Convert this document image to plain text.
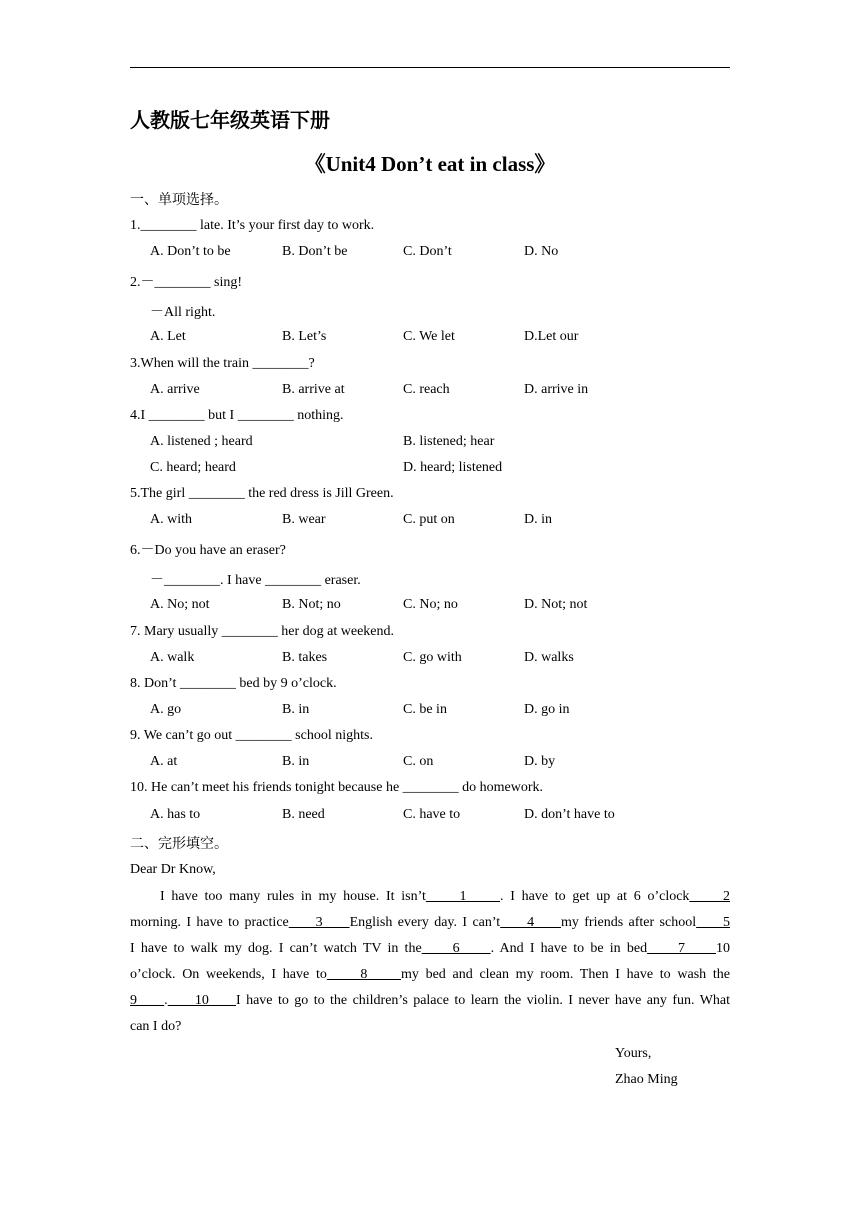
人教版七年级英语下册
《Unit4 Don’t eat in class》
一、单项选择。
1.________ late. It’s your first day to work.
A. Don’t to be	B. Don’t be	C. Don’t	D. No
2.－________ sing!
－All right.
A. Let	B. Let’s	C. We let	D.Let our
3.When will the train ________?
A. arrive	B. arrive at	C. reach	D. arrive in
4.I ________ but I ________ nothing.
A. listened ; heard	B. listened; hear
C. heard; heard	D. heard; listened
5.The girl ________ the red dress is Jill Green.
A. with	B. wear	C. put on	D. in
6.－Do you have an eraser?
－________. I have ________ eraser.
A. No; not	B. Not; no	C. No; no	D. Not; not
7. Mary usually ________ her dog at weekend.
A. walk	B. takes	C. go with	D. walks
8. Don’t ________ bed by 9 o’clock.
A. go	B. in	C. be in	D. go in
9. We can’t go out ________ school nights.
A. at	B. in	C. on	D. by
10. He can’t meet his friends tonight because he ________ do homework.
A. has to	B. need	C. have to	D. don’t have to
二、完形填空。
Dear Dr Know,
I have too many rules in my house. It isn’t     1     . I have to get up at 6 o’clock     2
morning. I have to practice     3     English every day. I can’t     4     my friends after school     5
I have to walk my dog. I can’t watch TV in the     6     . And I have to be in bed     7     10
o’clock. On weekends, I have to     8     my bed and clean my room. Then I have to wash the
9     .     10     I have to go to the children’s palace to learn the violin. I never have any fun. What
can I do?
Yours,
Zhao Ming
